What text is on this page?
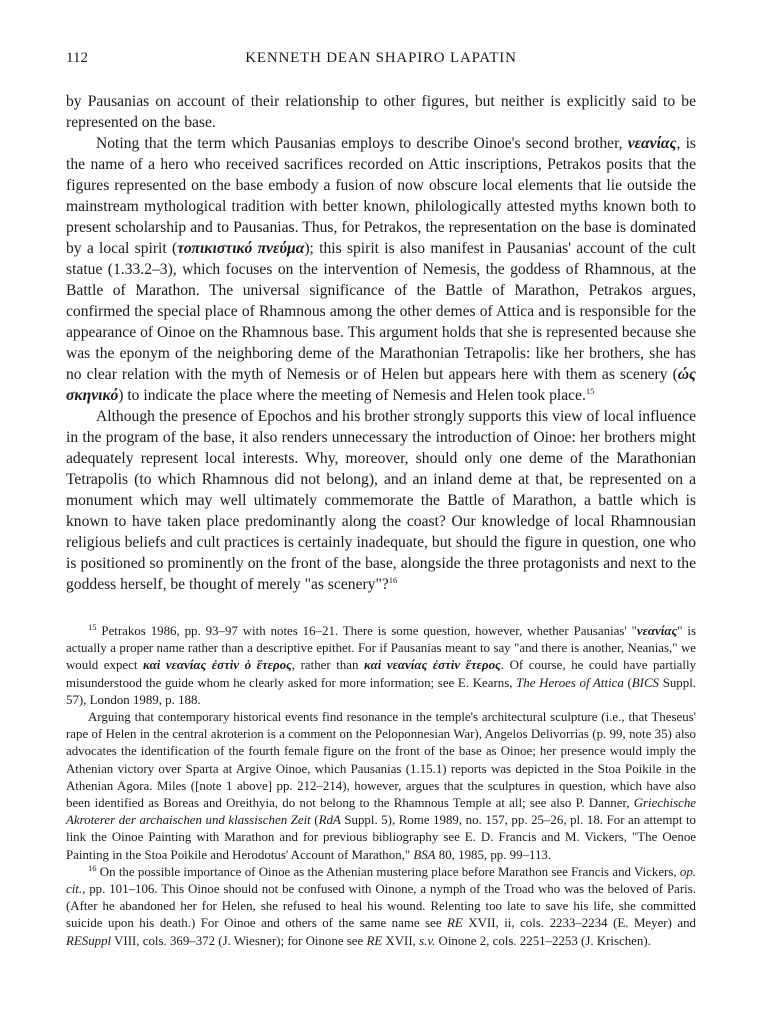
112	KENNETH DEAN SHAPIRO LAPATIN

by Pausanias on account of their relationship to other figures, but neither is explicitly said to be represented on the base.

Noting that the term which Pausanias employs to describe Oinoe's second brother, νεανίας, is the name of a hero who received sacrifices recorded on Attic inscriptions, Petrakos posits that the figures represented on the base embody a fusion of now obscure local elements that lie outside the mainstream mythological tradition with better known, philologically attested myths known both to present scholarship and to Pausanias. Thus, for Petrakos, the representation on the base is dominated by a local spirit (τοπικιστικό πνεύμα); this spirit is also manifest in Pausanias' account of the cult statue (1.33.2–3), which focuses on the intervention of Nemesis, the goddess of Rhamnous, at the Battle of Marathon. The universal significance of the Battle of Marathon, Petrakos argues, confirmed the special place of Rhamnous among the other demes of Attica and is responsible for the appearance of Oinoe on the Rhamnous base. This argument holds that she is represented because she was the eponym of the neighboring deme of the Marathonian Tetrapolis: like her brothers, she has no clear relation with the myth of Nemesis or of Helen but appears here with them as scenery (ώς σκηνικό) to indicate the place where the meeting of Nemesis and Helen took place.$^{15}$

Although the presence of Epochos and his brother strongly supports this view of local influence in the program of the base, it also renders unnecessary the introduction of Oinoe: her brothers might adequately represent local interests. Why, moreover, should only one deme of the Marathonian Tetrapolis (to which Rhamnous did not belong), and an inland deme at that, be represented on a monument which may well ultimately commemorate the Battle of Marathon, a battle which is known to have taken place predominantly along the coast? Our knowledge of local Rhamnousian religious beliefs and cult practices is certainly inadequate, but should the figure in question, one who is positioned so prominently on the front of the base, alongside the three protagonists and next to the goddess herself, be thought of merely "as scenery"?$^{16}$

$^{15}$ Petrakos 1986, pp. 93–97 with notes 16–21. There is some question, however, whether Pausanias' "νεανίας" is actually a proper name rather than a descriptive epithet. For if Pausanias meant to say "and there is another, Neanias," we would expect καὶ νεανίας ἐστὶν ὁ ἕτερος, rather than καὶ νεανίας ἐστὶν ἕτερος. Of course, he could have partially misunderstood the guide whom he clearly asked for more information; see E. Kearns, The Heroes of Attica (BICS Suppl. 57), London 1989, p. 188.

Arguing that contemporary historical events find resonance in the temple's architectural sculpture (i.e., that Theseus' rape of Helen in the central akroterion is a comment on the Peloponnesian War), Angelos Delivorrias (p. 99, note 35) also advocates the identification of the fourth female figure on the front of the base as Oinoe; her presence would imply the Athenian victory over Sparta at Argive Oinoe, which Pausanias (1.15.1) reports was depicted in the Stoa Poikile in the Athenian Agora. Miles ([note 1 above] pp. 212–214), however, argues that the sculptures in question, which have also been identified as Boreas and Oreithyia, do not belong to the Rhamnous Temple at all; see also P. Danner, Griechische Akroterer der archaischen und klassischen Zeit (RdA Suppl. 5), Rome 1989, no. 157, pp. 25–26, pl. 18. For an attempt to link the Oinoe Painting with Marathon and for previous bibliography see E. D. Francis and M. Vickers, "The Oenoe Painting in the Stoa Poikile and Herodotus' Account of Marathon," BSA 80, 1985, pp. 99–113.

$^{16}$ On the possible importance of Oinoe as the Athenian mustering place before Marathon see Francis and Vickers, op. cit., pp. 101–106. This Oinoe should not be confused with Oinone, a nymph of the Troad who was the beloved of Paris. (After he abandoned her for Helen, she refused to heal his wound. Relenting too late to save his life, she committed suicide upon his death.) For Oinoe and others of the same name see RE XVII, ii, cols. 2233–2234 (E. Meyer) and RESuppl VIII, cols. 369–372 (J. Wiesner); for Oinone see RE XVII, s.v. Oinone 2, cols. 2251–2253 (J. Krischen).
